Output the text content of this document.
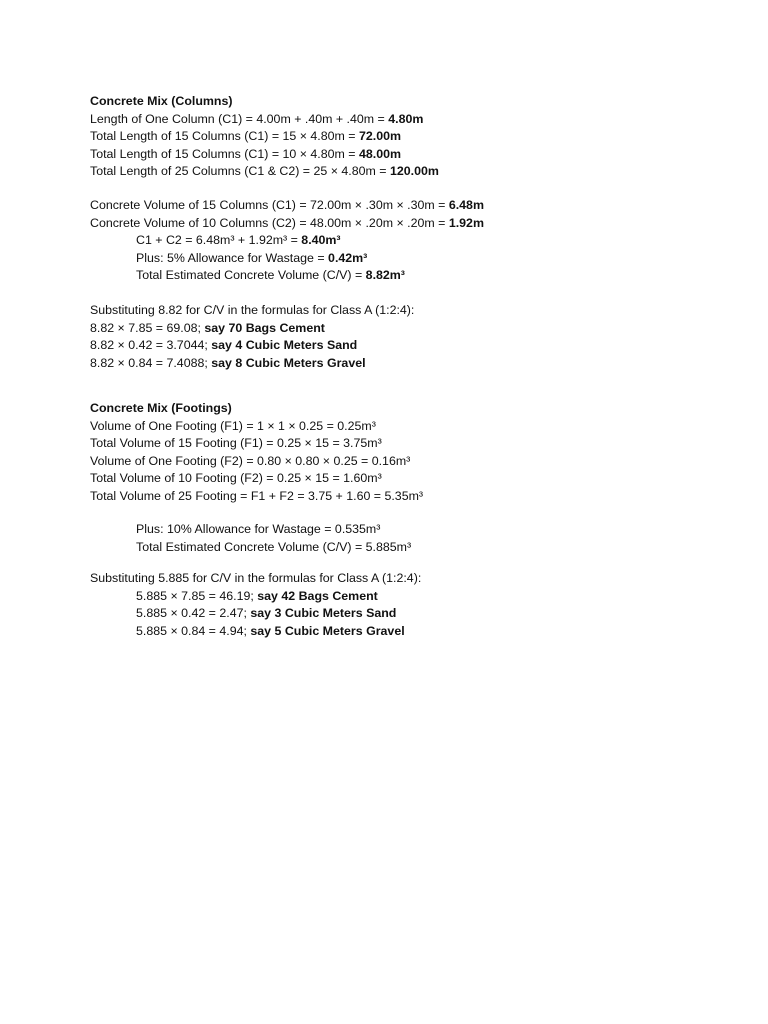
Concrete Mix (Columns)
Length of One Column (C1) = 4.00m + .40m + .40m = 4.80m
Total Length of 15 Columns (C1) = 15 × 4.80m = 72.00m
Total Length of 15 Columns (C1) = 10 × 4.80m = 48.00m
Total Length of 25 Columns (C1 & C2) = 25 × 4.80m = 120.00m
Concrete Volume of 15 Columns (C1) = 72.00m × .30m × .30m = 6.48m
Concrete Volume of 10 Columns (C2) = 48.00m × .20m × .20m = 1.92m
C1 + C2 = 6.48m³ + 1.92m³ = 8.40m³
Plus: 5% Allowance for Wastage = 0.42m³
Total Estimated Concrete Volume (C/V) = 8.82m³
Substituting 8.82 for C/V in the formulas for Class A (1:2:4):
8.82 × 7.85 = 69.08; say 70 Bags Cement
8.82 × 0.42 = 3.7044; say 4 Cubic Meters Sand
8.82 × 0.84 = 7.4088; say 8 Cubic Meters Gravel
Concrete Mix (Footings)
Volume of One Footing (F1) = 1 × 1 × 0.25 = 0.25m³
Total Volume of 15 Footing (F1) = 0.25 × 15 = 3.75m³
Volume of One Footing (F2) = 0.80 × 0.80 × 0.25 = 0.16m³
Total Volume of 10 Footing (F2) = 0.25 × 15 = 1.60m³
Total Volume of 25 Footing = F1 + F2 = 3.75 + 1.60 = 5.35m³
Plus: 10% Allowance for Wastage = 0.535m³
Total Estimated Concrete Volume (C/V) = 5.885m³
Substituting 5.885 for C/V in the formulas for Class A (1:2:4):
5.885 × 7.85 = 46.19; say 42 Bags Cement
5.885 × 0.42 = 2.47; say 3 Cubic Meters Sand
5.885 × 0.84 = 4.94; say 5 Cubic Meters Gravel
